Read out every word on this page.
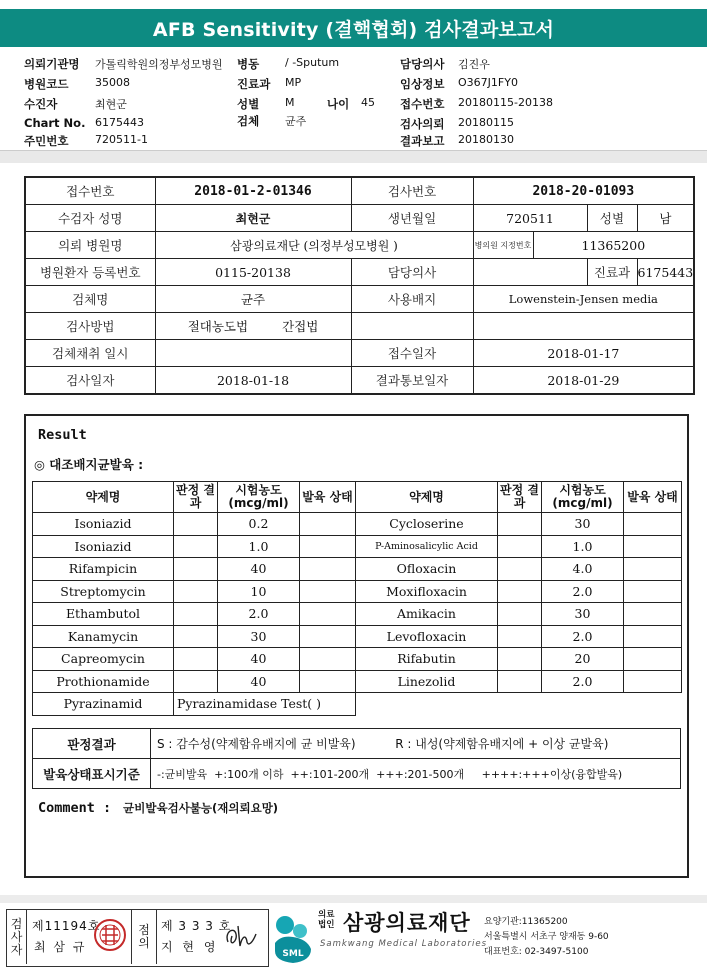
AFB Sensitivity (결핵협회) 검사결과보고서
의뢰기관명 가톨릭학원의정부성모병원 병동 / -Sputum	담당의사 김진우
병원코드 35008	진료과 MP	임상정보 O367J1FY0
수진자	최현군	성별 M	나이 45 접수번호 20180115-20138
Chart No. 6175443	검체 균주	검사의뢰 20180115
주민번호 720511-1	결과보고 20180130
접수번호	2018-01-2-01346	검사번호	2018-20-01093			
수검자 성명	최현군	생년월일	720511		성별	남
의뢰 병원명	삼광의료재단 (의정부성모병원 )		병의원 지정번호	11365200		
병원환자 등록번호	0115-20138	담당의사			진료과	6175443
검체명	균주	사용배지	Lowenstein-Jensen media			
검사방법	절대농도법 간접법					
검체채취 일시		접수일자	2018-01-17			
검사일자	2018-01-18	결과통보일자	2018-01-29			
Result
◎ 대조배지균발육 :
약제명	판정 결과	시험농도 (mcg/ml)	발육 상태	약제명	판정 결과	시험농도 (mcg/ml)	발육 상태
Isoniazid		0.2		Cycloserine		30	
Isoniazid		1.0		P-Aminosalicylic Acid		1.0	
Rifampicin		40		Ofloxacin		4.0	
Streptomycin		10		Moxifloxacin		2.0	
Ethambutol		2.0		Amikacin		30	
Kanamycin		30		Levofloxacin		2.0	
Capreomycin		40		Rifabutin		20	
Prothionamide		40		Linezolid		2.0	
Pyrazinamid	Pyrazinamidase Test( )						
판정결과	S : 감수성(약제함유배지에 균 비발육) R : 내성(약제함유배지에 + 이상 균발육)
발육상태표시기준	-:균비발육  +:100개 이하  ++:101-200개  +++:201-500개     ++++:+++이상(융합발육)
Comment : 균비발육검사불능(재의뢰요망)
검사자
제11194호
최 삼 규
점의
제 3 3 3 호
지 현 영	SML
의료 법인 삼광의료재단
Samkwang Medical Laboratories
요양기관:11365200
서울특별시 서초구 양재동 9-60
대표번호: 02-3497-5100
